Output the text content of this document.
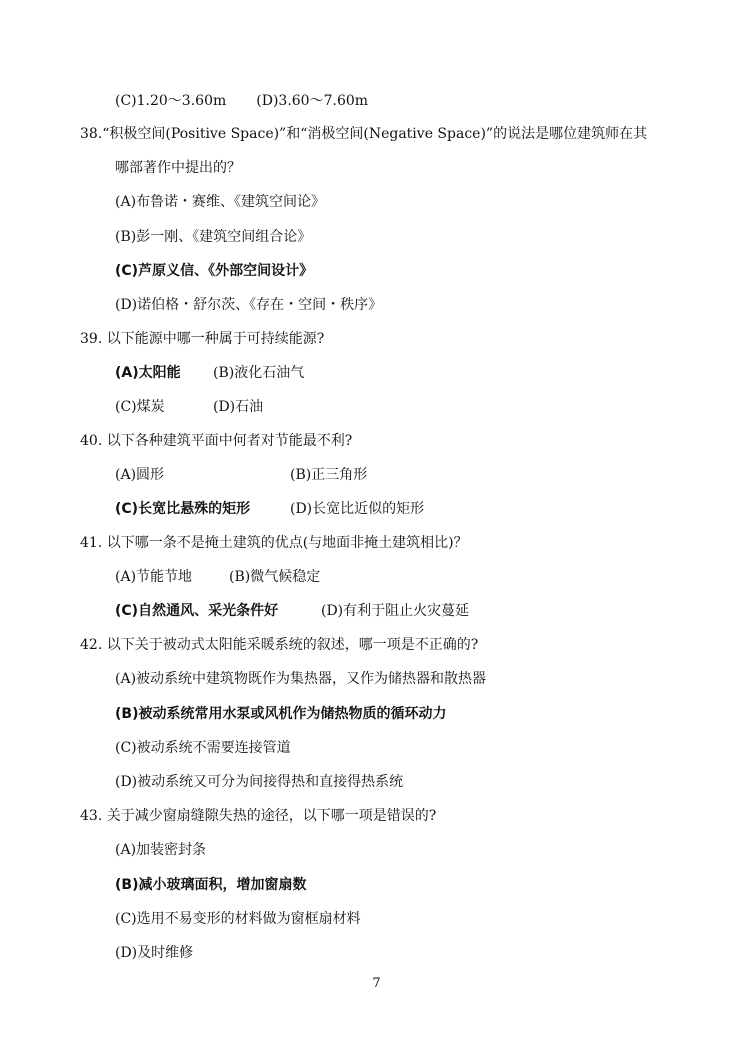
(C)1.20～3.60m (D)3.60～7.60m
38.“积极空间(Positive Space)”和“消极空间(Negative Space)”的说法是哪位建筑师在其
哪部著作中提出的？
(A)布鲁诺・赛维、《建筑空间论》
(B)彭一刚、《建筑空间组合论》
(C)芦原义信、《外部空间设计》
(D)诺伯格・舒尔茨、《存在・空间・秩序》
39. 以下能源中哪一种属于可持续能源?
(A)太阳能 (B)液化石油气
(C)煤炭	(D)石油
40. 以下各种建筑平面中何者对节能最不利?
(A)圆形	(B)正三角形
(C)长宽比悬殊的矩形	(D)长宽比近似的矩形
41. 以下哪一条不是掩土建筑的优点(与地面非掩土建筑相比)？
(A)节能节地	(B)微气候稳定
(C)自然通风、采光条件好	(D)有利于阻止火灾蔓延
42. 以下关于被动式太阳能采暖系统的叙述，哪一项是不正确的?
(A)被动系统中建筑物既作为集热器，又作为储热器和散热器
(B)被动系统常用水泵或风机作为储热物质的循环动力
(C)被动系统不需要连接管道
(D)被动系统又可分为间接得热和直接得热系统
43. 关于减少窗扇缝隙失热的途径，以下哪一项是错误的?
(A)加装密封条
(B)减小玻璃面积，增加窗扇数
(C)选用不易变形的材料做为窗框扇材料
(D)及时维修
7
